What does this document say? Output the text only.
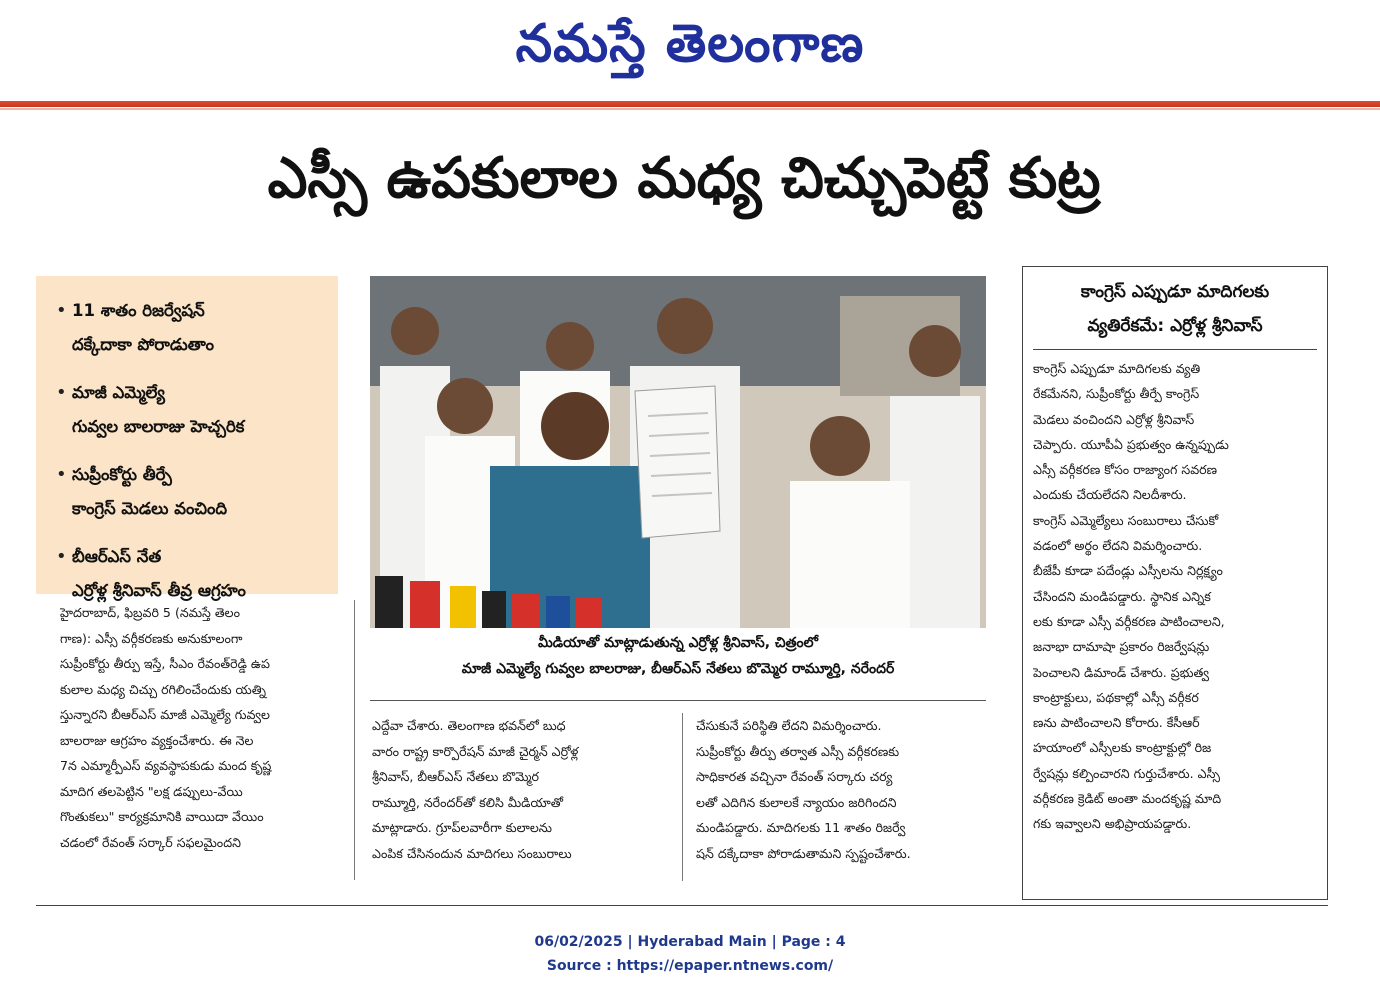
నమస్తే తెలంగాణ
ఎస్సీ ఉపకులాల మధ్య చిచ్చుపెట్టే కుట్ర
• 11 శాతం రిజర్వేషన్
దక్కేదాకా పోరాడుతాం
• మాజీ ఎమ్మెల్యే
గువ్వల బాలరాజు హెచ్చరిక
• సుప్రీంకోర్టు తీర్పే
కాంగ్రెస్ మెడలు వంచింది
• బీఆర్ఎస్ నేత
ఎర్రోళ్ల శ్రీనివాస్ తీవ్ర ఆగ్రహం
మీడియాతో మాట్లాడుతున్న ఎర్రోళ్ల శ్రీనివాస్, చిత్రంలో
మాజీ ఎమ్మెల్యే గువ్వల బాలరాజు, బీఆర్ఎస్ నేతలు బొమ్మెర రామ్మూర్తి, నరేందర్
హైదరాబాద్, ఫిబ్రవరి 5 (నమస్తే తెలం
గాణ): ఎస్సీ వర్గీకరణకు అనుకూలంగా
సుప్రీంకోర్టు తీర్పు ఇస్తే, సీఎం రేవంత్‌రెడ్డి ఉప
కులాల మధ్య చిచ్చు రగిలించేందుకు యత్ని
స్తున్నారని బీఆర్ఎస్ మాజీ ఎమ్మెల్యే గువ్వల
బాలరాజు ఆగ్రహం వ్యక్తంచేశారు. ఈ నెల
7న ఎమ్మార్పీఎస్ వ్యవస్థాపకుడు మంద కృష్ణ
మాదిగ తలపెట్టిన "లక్ష డప్పులు-వేయి
గొంతుకలు" కార్యక్రమానికి వాయిదా వేయిం
చడంలో రేవంత్ సర్కార్ సఫలమైందని
ఎద్దేవా చేశారు. తెలంగాణ భవన్‌లో బుధ
వారం రాష్ట్ర కార్పొరేషన్ మాజీ చైర్మన్ ఎర్రోళ్ల
శ్రీనివాస్, బీఆర్ఎస్ నేతలు బొమ్మెర
రామ్మూర్తి, నరేందర్‌తో కలిసి మీడియాతో
మాట్లాడారు. గ్రూప్‌లవారీగా కులాలను
ఎంపిక చేసినందున మాదిగలు సంబురాలు
చేసుకునే పరిస్థితి లేదని విమర్శించారు.
సుప్రీంకోర్టు తీర్పు తర్వాత ఎస్సీ వర్గీకరణకు
సాధికారత వచ్చినా రేవంత్ సర్కారు చర్య
లతో ఎదిగిన కులాలకే న్యాయం జరిగిందని
మండిపడ్డారు. మాదిగలకు 11 శాతం రిజర్వే
షన్ దక్కేదాకా పోరాడుతామని స్పష్టంచేశారు.
కాంగ్రెస్ ఎప్పుడూ మాదిగలకు
వ్యతిరేకమే: ఎర్రోళ్ల శ్రీనివాస్
కాంగ్రెస్ ఎప్పుడూ మాదిగలకు వ్యతి
రేకమేనని, సుప్రీంకోర్టు తీర్పే కాంగ్రెస్
మెడలు వంచిందని ఎర్రోళ్ల శ్రీనివాస్
చెప్పారు. యూపీఏ ప్రభుత్వం ఉన్నప్పుడు
ఎస్సీ వర్గీకరణ కోసం రాజ్యాంగ సవరణ
ఎందుకు చేయలేదని నిలదీశారు.
కాంగ్రెస్ ఎమ్మెల్యేలు సంబురాలు చేసుకో
వడంలో అర్థం లేదని విమర్శించారు.
బీజేపీ కూడా పదేండ్లు ఎస్సీలను నిర్లక్ష్యం
చేసిందని మండిపడ్డారు. స్థానిక ఎన్నిక
లకు కూడా ఎస్సీ వర్గీకరణ పాటించాలని,
జనాభా దామాషా ప్రకారం రిజర్వేషన్లు
పెంచాలని డిమాండ్ చేశారు. ప్రభుత్వ
కాంట్రాక్టులు, పథకాల్లో ఎస్సీ వర్గీకర
ణను పాటించాలని కోరారు. కేసీఆర్
హయాంలో ఎస్సీలకు కాంట్రాక్టుల్లో రిజ
ర్వేషన్లు కల్పించారని గుర్తుచేశారు. ఎస్సీ
వర్గీకరణ క్రెడిట్ అంతా మందకృష్ణ మాది
గకు ఇవ్వాలని అభిప్రాయపడ్డారు.
06/02/2025 | Hyderabad Main | Page : 4
Source : https://epaper.ntnews.com/
